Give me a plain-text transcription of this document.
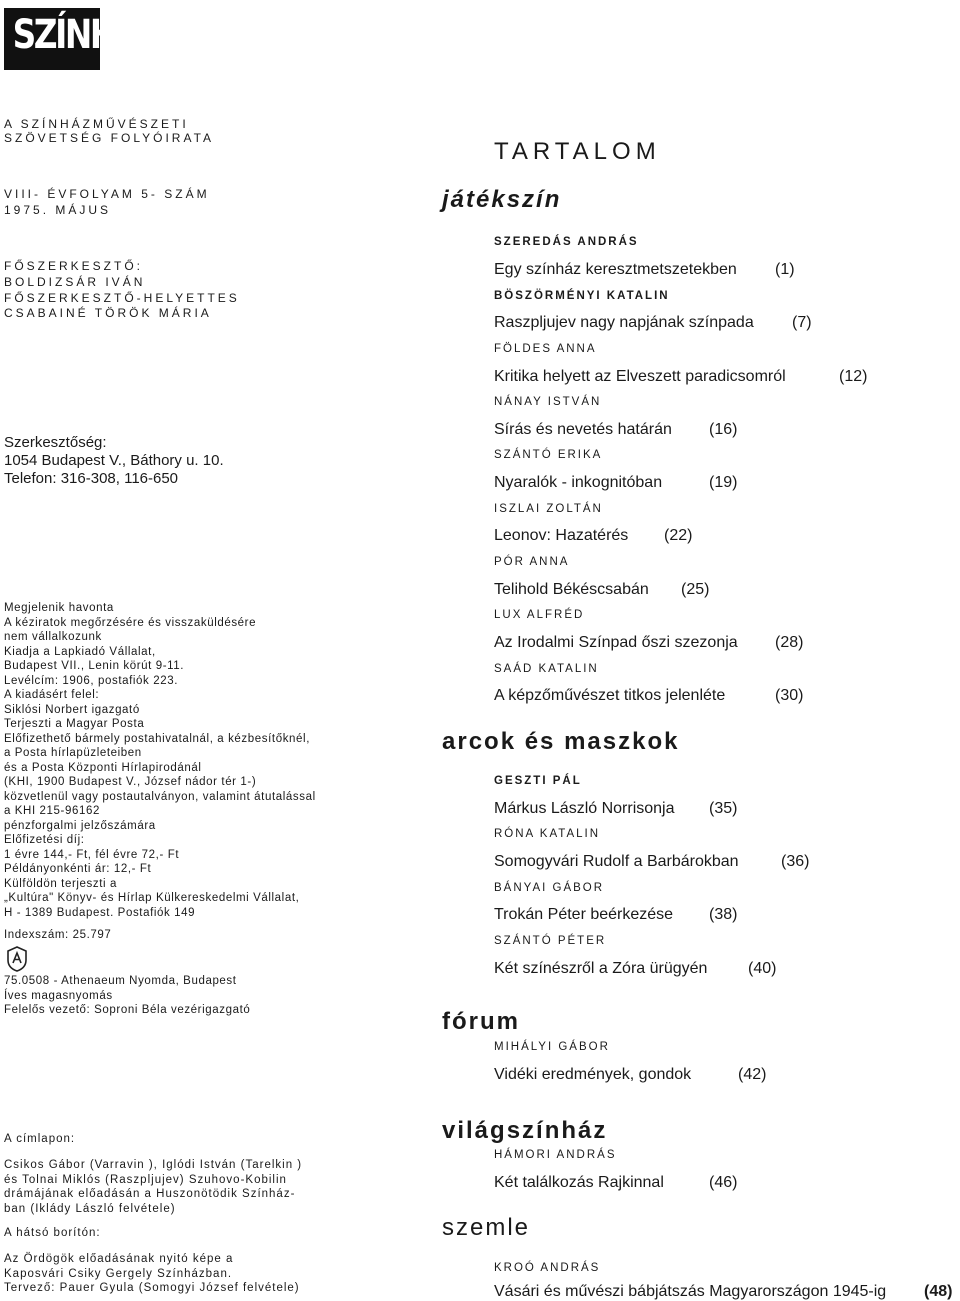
SZÍNHÁZ
A SZÍNHÁZMŰVÉSZETI
SZÖVETSÉG FOLYÓIRATA
VIII- ÉVFOLYAM 5- SZÁM
1975. MÁJUS
FŐSZERKESZTŐ:
BOLDIZSÁR IVÁN
FŐSZERKESZTŐ-HELYETTES
CSABAINÉ TÖRÖK MÁRIA
Szerkesztőség:
1054 Budapest V., Báthory u. 10.
Telefon: 316-308, 116-650
Megjelenik havonta
A kéziratok megőrzésére és visszaküldésére
nem vállalkozunk
Kiadja a Lapkiadó Vállalat,
Budapest VII., Lenin körút 9-11.
Levélcím: 1906, postafiók 223.
A kiadásért felel:
Siklósi Norbert igazgató
Terjeszti a Magyar Posta
Előfizethető bármely postahivatalnál, a kézbesítőknél,
a Posta hírlapüzleteiben
és a Posta Központi Hírlapirodánál
(KHI, 1900 Budapest V., József nádor tér 1-)
közvetlenül vagy postautalványon, valamint átutalással
a KHI 215-96162
pénzforgalmi jelzőszámára
Előfizetési díj:
1 évre 144,- Ft, fél évre 72,- Ft
Példányonkénti ár: 12,- Ft
Külföldön terjeszti a
„Kultúra" Könyv- és Hírlap Külkereskedelmi Vállalat,
H - 1389 Budapest. Postafiók 149
Indexszám: 25.797
75.0508 - Athenaeum Nyomda, Budapest
Íves magasnyomás
Felelős vezető: Soproni Béla vezérigazgató
A címlapon:
Csikos Gábor (Varravin ), Iglódi István (Tarelkin )
és Tolnai Miklós (Raszpljujev) Szuhovo-Kobilin
drámájának előadásán a Huszonötödik Színház-
ban (Iklády László felvétele)
A hátsó borítón:
Az Ördögök előadásának nyitó képe a
Kaposvári Csiky Gergely Színházban.
Tervező: Pauer Gyula (Somogyi József felvétele)
TARTALOM
játékszín
SZEREDÁS ANDRÁS
Egy színház keresztmetszetekben (1)
BÖSZÖRMÉNYI KATALIN
Raszpljujev nagy napjának színpada (7)
FÖLDES ANNA
Kritika helyett az Elveszett paradicsomról	(12)
NÁNAY ISTVÁN
Sírás és nevetés határán (16)
SZÁNTÓ ERIKA
Nyaralók - inkognitóban	(19)
ISZLAI ZOLTÁN
Leonov: Hazatérés (22)
PÓR ANNA
Telihold Békéscsabán (25)
LUX ALFRÉD
Az Irodalmi Színpad őszi szezonja (28)
SAÁD KATALIN
A képzőművészet titkos jelenléte	(30)
arcok és maszkok
GESZTI PÁL
Márkus László Norrisonja (35)
RÓNA KATALIN
Somogyvári Rudolf a Barbárokban	(36)
BÁNYAI GÁBOR
Trokán Péter beérkezése (38)
SZÁNTÓ PÉTER
Két színészről a Zóra ürügyén	(40)
fórum
MIHÁLYI GÁBOR
Vidéki eredmények, gondok	(42)
világszínház
HÁMORI ANDRÁS
Két találkozás Rajkinnal	(46)
szemle
KROÓ ANDRÁS
Vásári és művészi bábjátszás Magyarországon 1945-ig (48)
